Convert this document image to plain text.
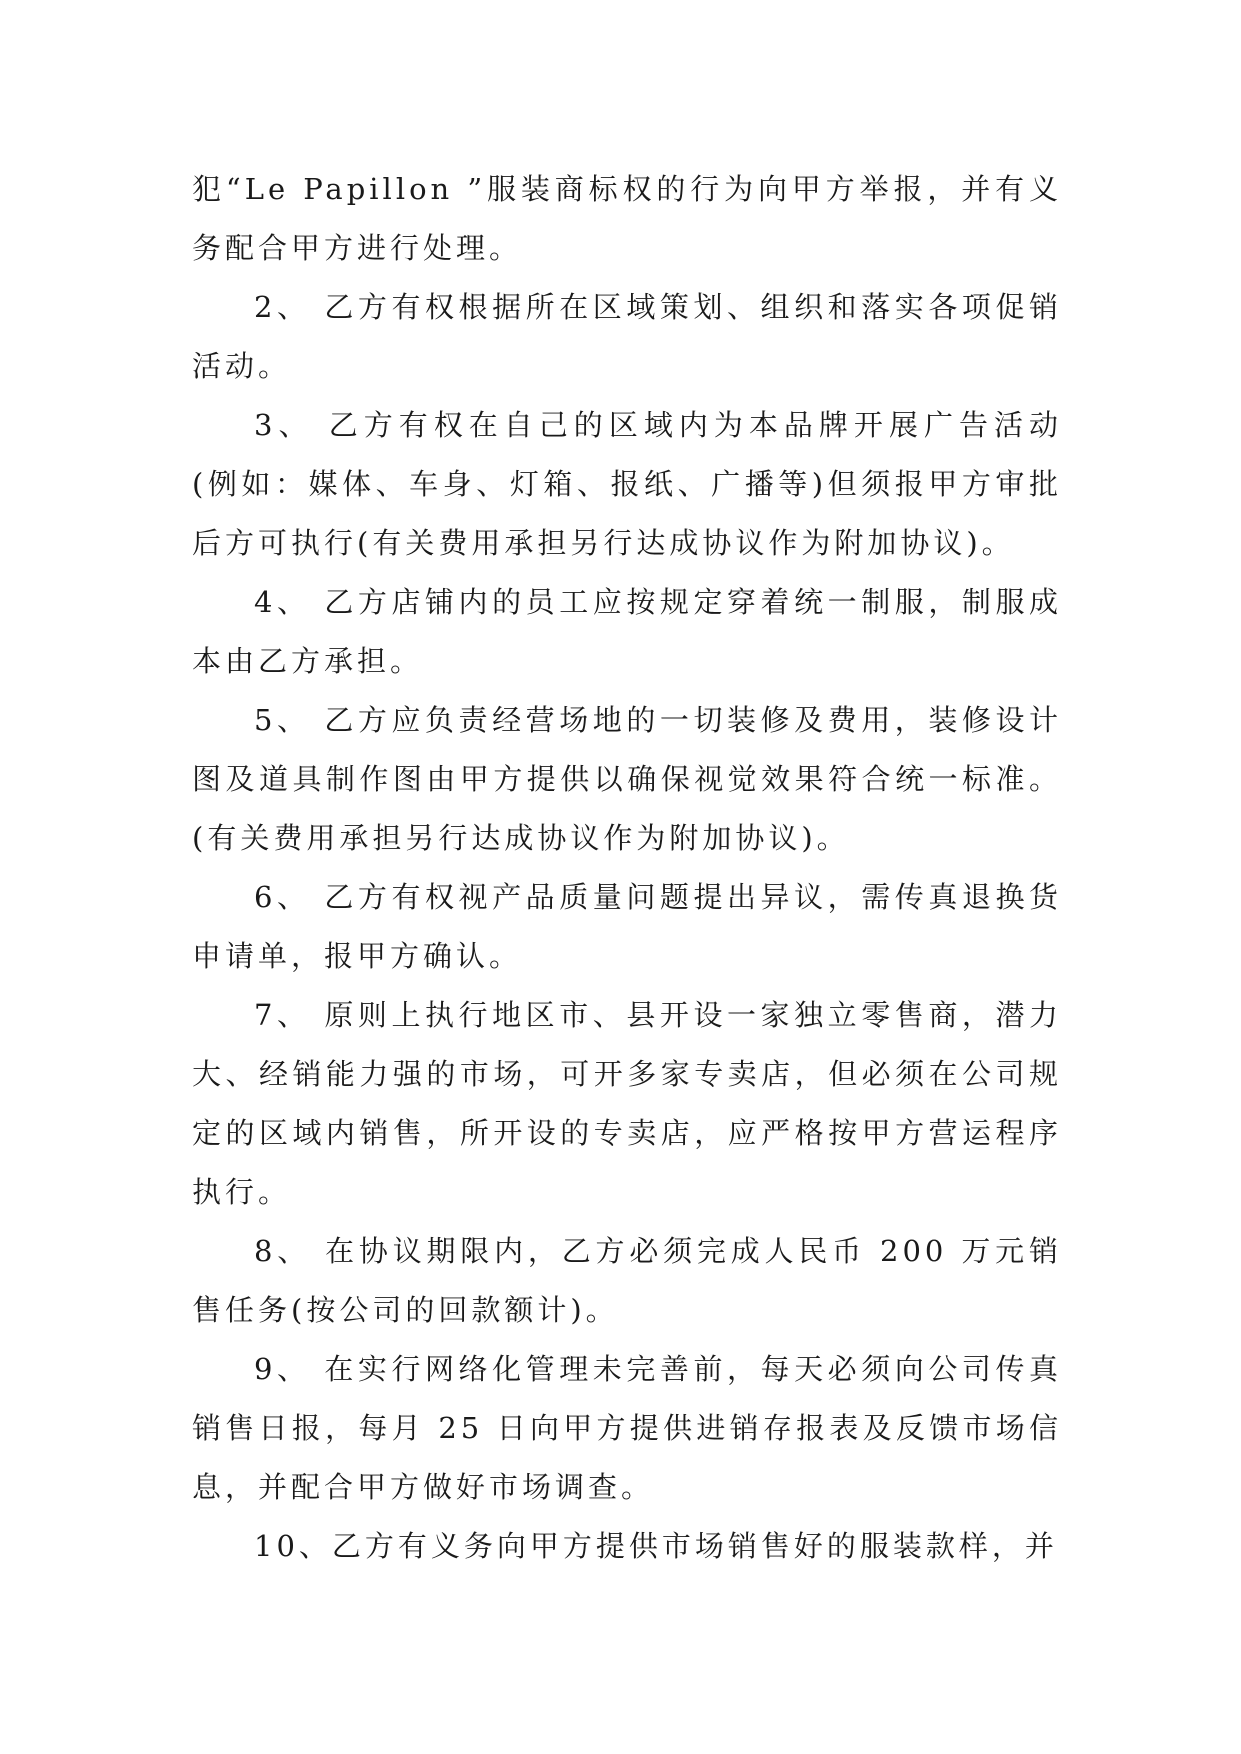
犯“Le Papillon ”服装商标权的行为向甲方举报，并有义务配合甲方进行处理。

2、 乙方有权根据所在区域策划、组织和落实各项促销活动。

3、 乙方有权在自己的区域内为本品牌开展广告活动(例如：媒体、车身、灯箱、报纸、广播等)但须报甲方审批后方可执行(有关费用承担另行达成协议作为附加协议)。

4、 乙方店铺内的员工应按规定穿着统一制服，制服成本由乙方承担。

5、 乙方应负责经营场地的一切装修及费用，装修设计图及道具制作图由甲方提供以确保视觉效果符合统一标准。(有关费用承担另行达成协议作为附加协议)。

6、 乙方有权视产品质量问题提出异议，需传真退换货申请单，报甲方确认。

7、 原则上执行地区市、县开设一家独立零售商，潜力大、经销能力强的市场，可开多家专卖店，但必须在公司规定的区域内销售，所开设的专卖店，应严格按甲方营运程序执行。

8、 在协议期限内，乙方必须完成人民币 200 万元销售任务(按公司的回款额计)。

9、 在实行网络化管理未完善前，每天必须向公司传真销售日报，每月 25 日向甲方提供进销存报表及反馈市场信息，并配合甲方做好市场调查。

10、乙方有义务向甲方提供市场销售好的服装款样，并
